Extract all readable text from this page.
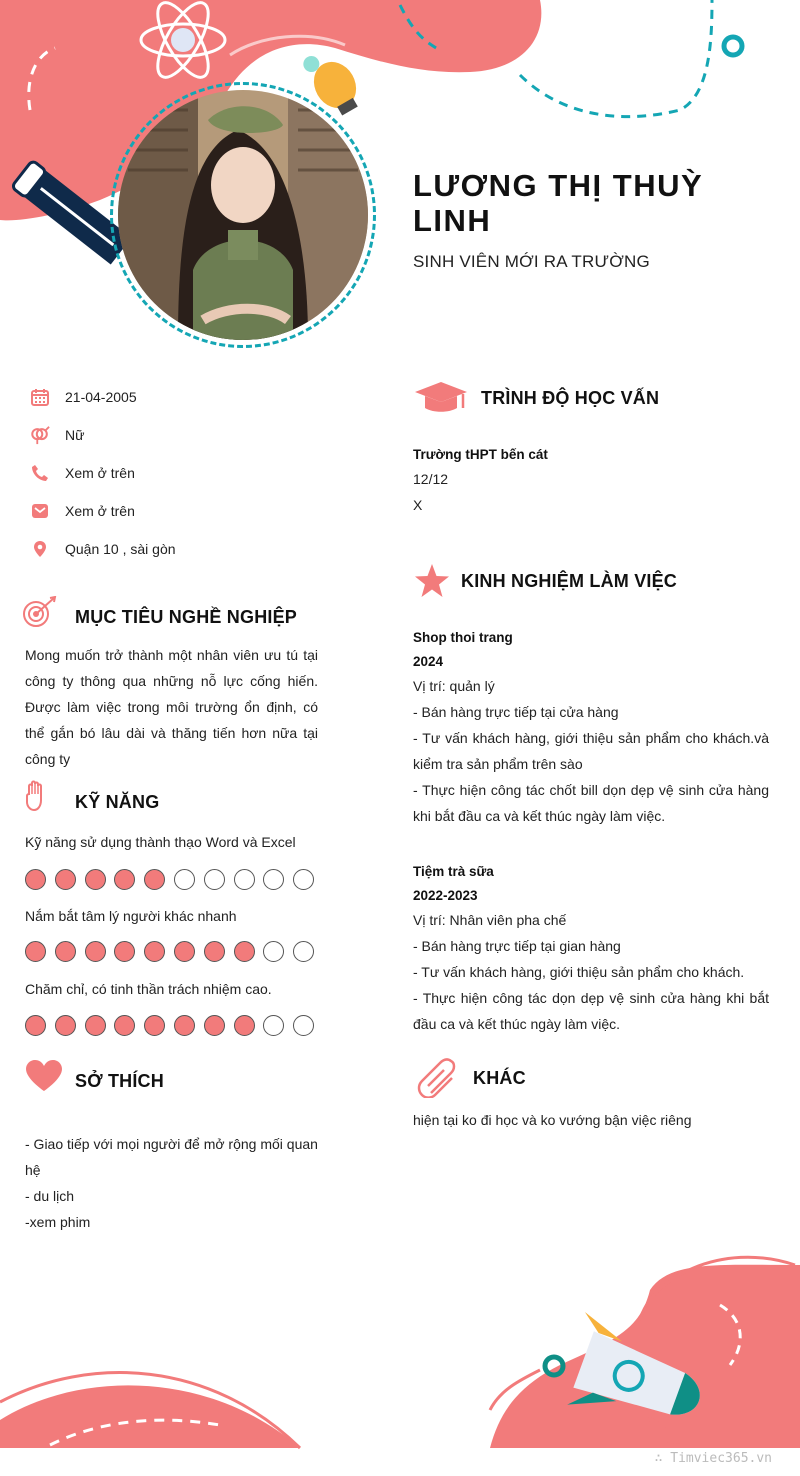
LƯƠNG THỊ THUỲ LINH
SINH VIÊN MỚI RA TRƯỜNG
21-04-2005
Nữ
Xem ở trên
Xem ở trên
Quận 10 , sài gòn
MỤC TIÊU NGHỀ NGHIỆP
Mong muốn trở thành một nhân viên ưu tú tại công ty thông qua những nỗ lực cống hiến. Được làm việc trong môi trường ổn định, có thể gắn bó lâu dài và thăng tiến hơn nữa tại công ty
KỸ NĂNG
Kỹ năng sử dụng thành thạo Word và Excel
Nắm bắt tâm lý người khác nhanh
Chăm chỉ, có tinh thần trách nhiệm cao.
SỞ THÍCH
- Giao tiếp với mọi người để mở rộng mối quan hệ
- du lịch
-xem phim
TRÌNH ĐỘ HỌC VẤN
Trường tHPT bến cát
12/12
X
KINH NGHIỆM LÀM VIỆC
Shop thoi trang
2024
Vị trí: quản lý
- Bán hàng trực tiếp tại cửa hàng
- Tư vấn khách hàng, giới thiệu sản phẩm cho khách.và kiểm tra sản phẩm trên sào
- Thực hiện công tác chốt bill dọn dẹp vệ sinh cửa hàng khi bắt đầu ca và kết thúc ngày làm việc.
Tiệm trà sữa
2022-2023
Vị trí: Nhân viên pha chế
- Bán hàng trực tiếp tại gian hàng
- Tư vấn khách hàng, giới thiệu sản phẩm cho khách.
- Thực hiện công tác dọn dẹp vệ sinh cửa hàng khi bắt đầu ca và kết thúc ngày làm việc.
KHÁC
hiện tại ko đi học và ko vướng bận việc riêng
∴ Timviec365.vn
